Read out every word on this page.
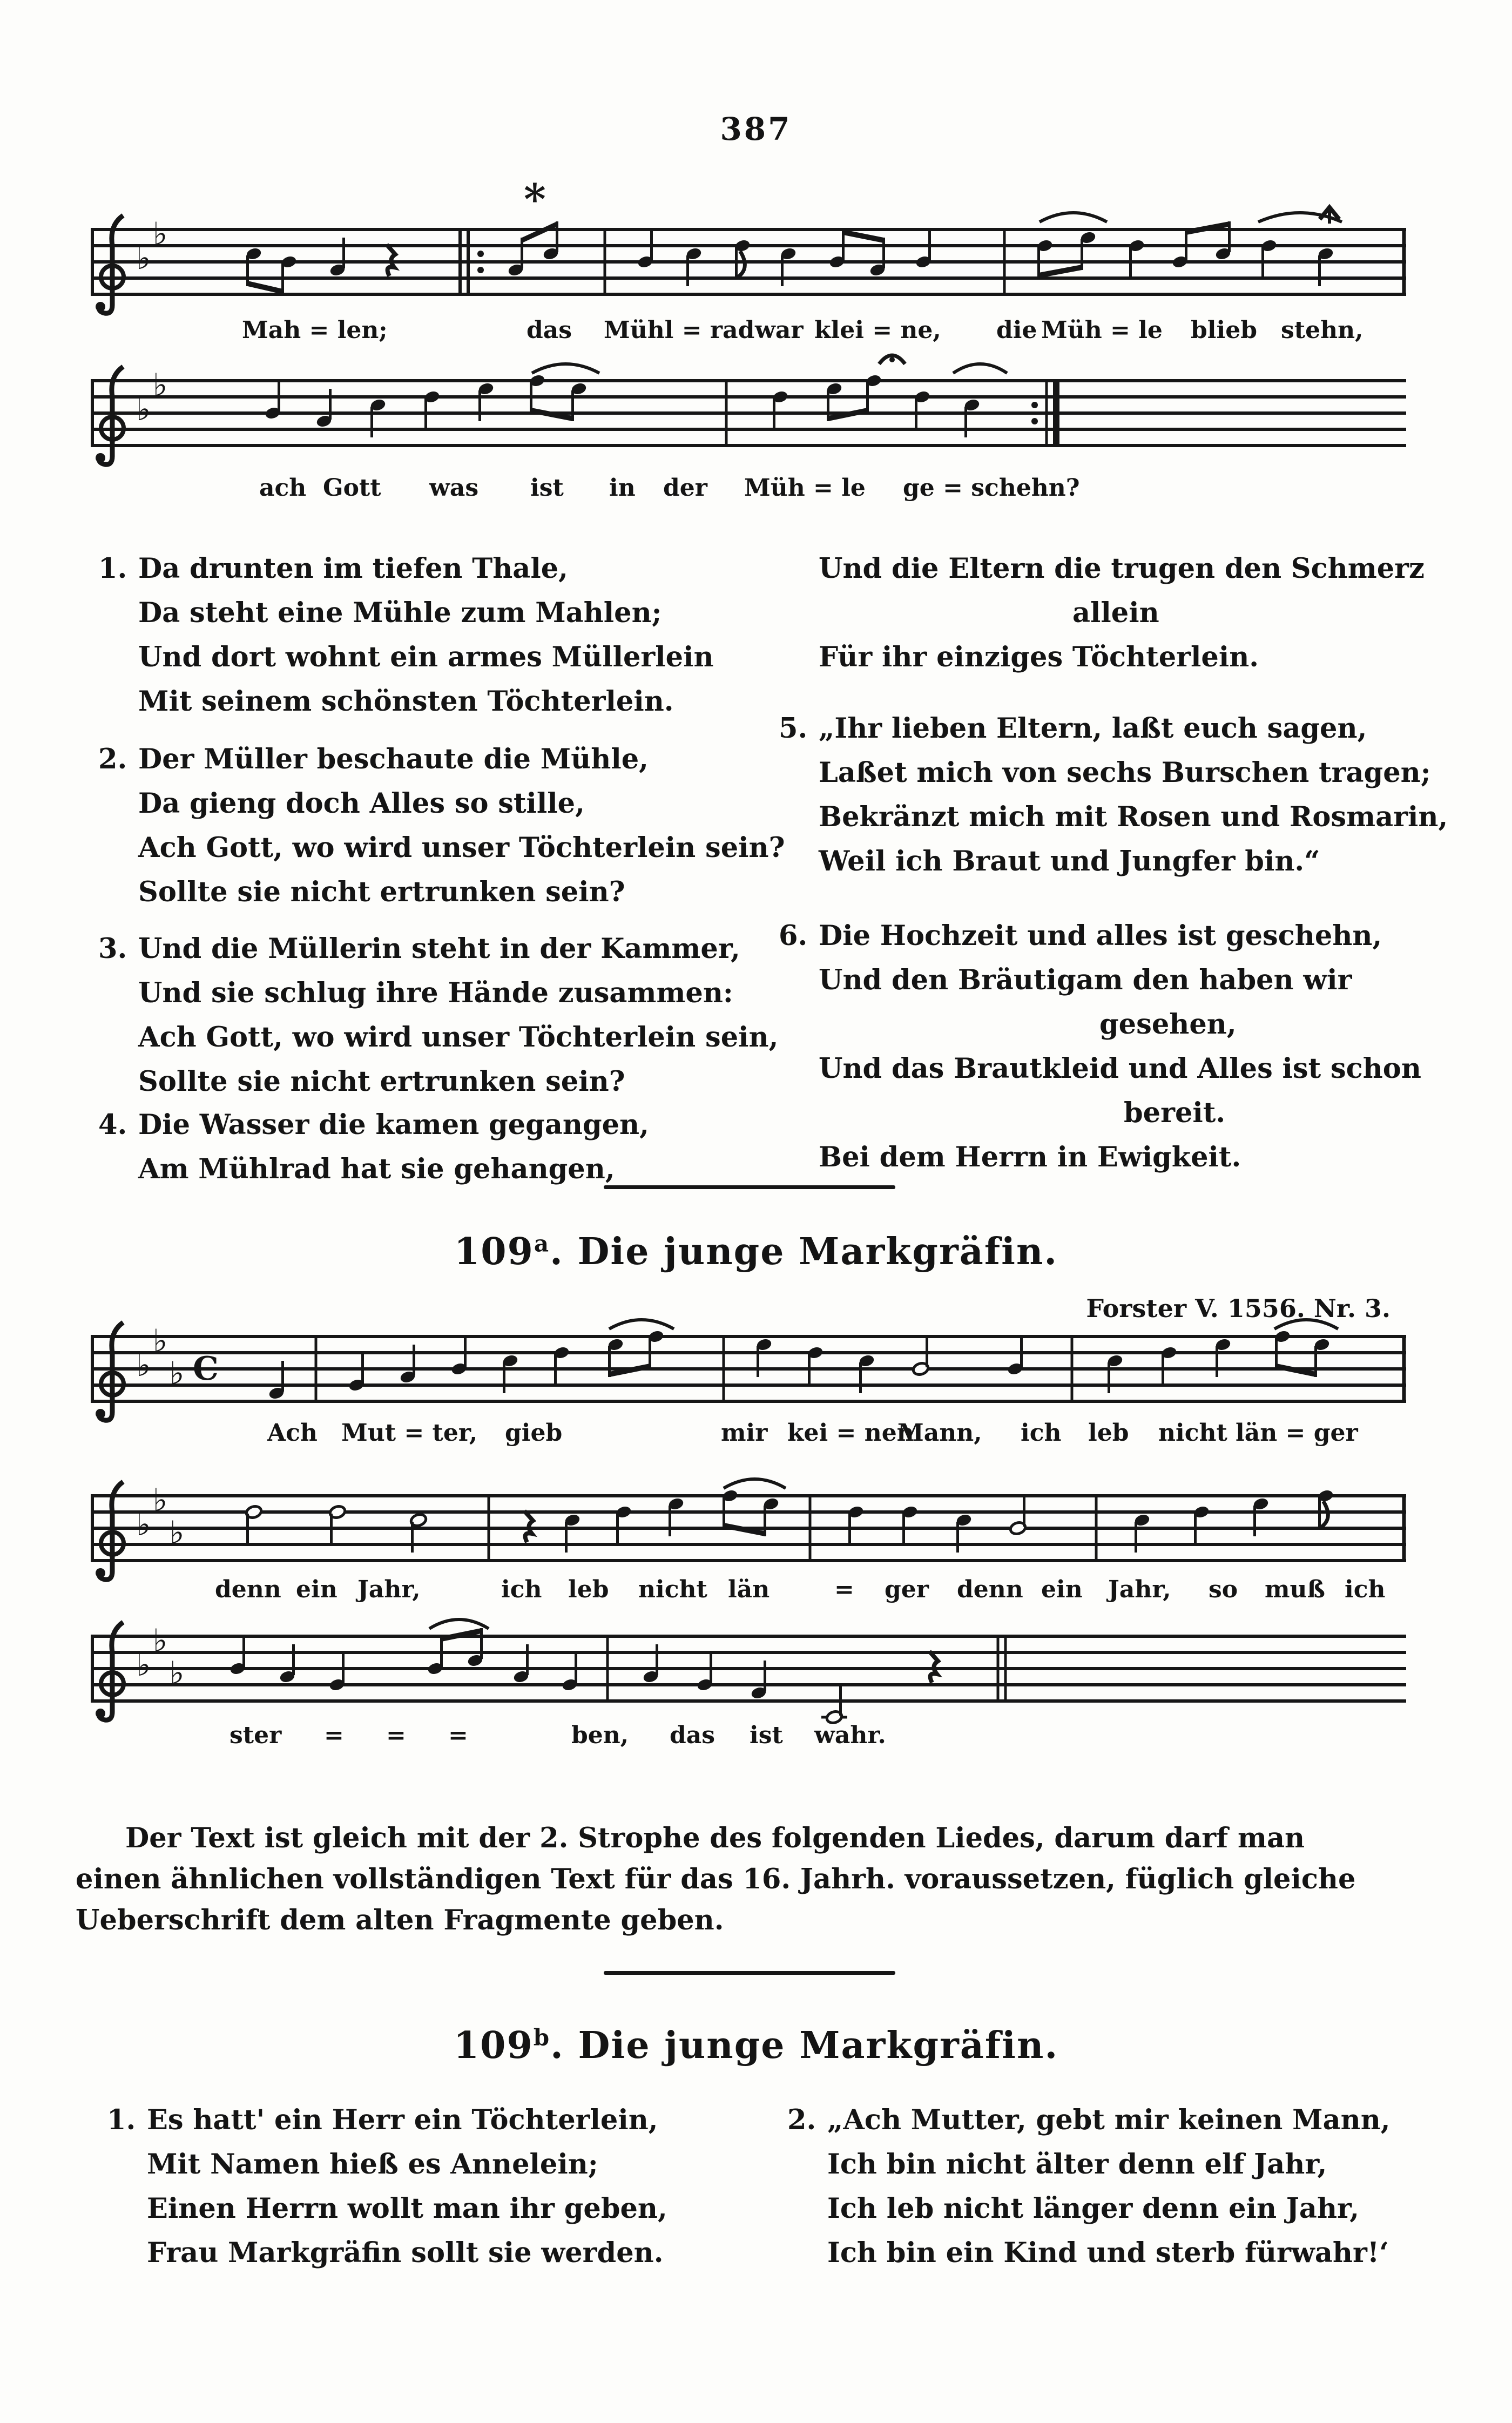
387
♭
♭
*
♭
♭
♭
♭
♭ C
♭
♭
♭
♭
♭
♭
Mah = len;	das Mühl = rad war klei = ne, die Müh = le blieb stehn,
ach Gott was ist in der Müh = le ge = schehn?
Ach Mut = ter, gieb	mir kei = nen
Mann, ich leb nicht län = ger
denn ein Jahr,	ich leb nicht län	= ger denn ein Jahr, so muß ich
ster = = =	ben, das ist wahr.
1. Da drunten im tiefen Thale,
Da steht eine Mühle zum Mahlen;
Und dort wohnt ein armes Müllerlein
Mit seinem schönsten Töchterlein.
2. Der Müller beschaute die Mühle,
Da gieng doch Alles so stille,
Ach Gott, wo wird unser Töchterlein sein?
Sollte sie nicht ertrunken sein?
3. Und die Müllerin steht in der Kammer,
Und sie schlug ihre Hände zusammen:
Ach Gott, wo wird unser Töchterlein sein,
Sollte sie nicht ertrunken sein?
4. Die Wasser die kamen gegangen,
Am Mühlrad hat sie gehangen,
Und die Eltern die trugen den Schmerz
allein
Für ihr einziges Töchterlein.
5. „Ihr lieben Eltern, laßt euch sagen,
Laßet mich von sechs Burschen tragen;
Bekränzt mich mit Rosen und Rosmarin,
Weil ich Braut und Jungfer bin.“
6. Die Hochzeit und alles ist geschehn,
Und den Bräutigam den haben wir
gesehen,
Und das Brautkleid und Alles ist schon
bereit.
Bei dem Herrn in Ewigkeit.
109$^a$. Die junge Markgräfin.
Forster V. 1556. Nr. 3.
Der Text ist gleich mit der 2. Strophe des folgenden Liedes, darum darf man
einen ähnlichen vollständigen Text für das 16. Jahrh. voraussetzen, füglich gleiche
Ueberschrift dem alten Fragmente geben.
109$^b$. Die junge Markgräfin.
1. Es hatt' ein Herr ein Töchterlein,
Mit Namen hieß es Annelein;
Einen Herrn wollt man ihr geben,
Frau Markgräfin sollt sie werden.
2. „Ach Mutter, gebt mir keinen Mann,
Ich bin nicht älter denn elf Jahr,
Ich leb nicht länger denn ein Jahr,
Ich bin ein Kind und sterb fürwahr!‘
